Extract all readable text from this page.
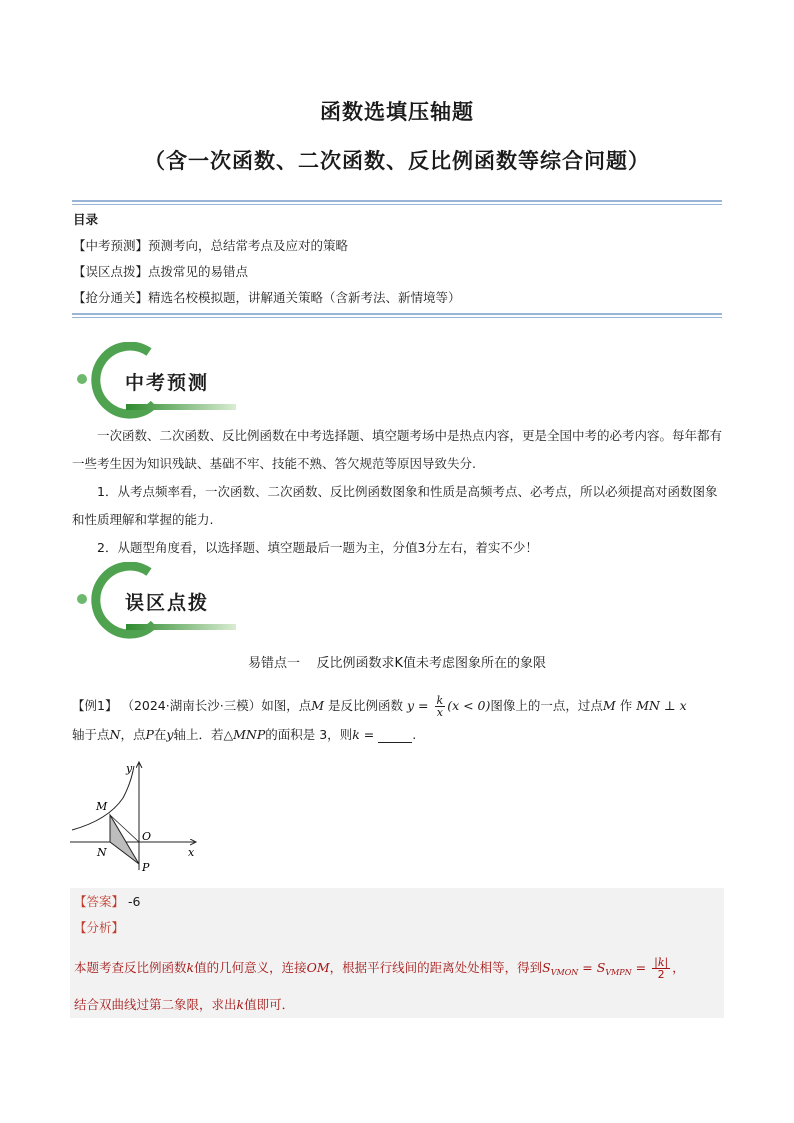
函数选填压轴题
（含一次函数、二次函数、反比例函数等综合问题）
目录
【中考预测】预测考向，总结常考点及应对的策略
【误区点拨】点拨常见的易错点
【抢分通关】精选名校模拟题，讲解通关策略（含新考法、新情境等）
中考预测

一次函数、二次函数、反比例函数在中考选择题、填空题考场中是热点内容，更是全国中考的必考内容。每年都有一些考生因为知识残缺、基础不牢、技能不熟、答欠规范等原因导致失分.

1．从考点频率看，一次函数、二次函数、反比例函数图象和性质是高频考点、必考点，所以必须提高对函数图象和性质理解和掌握的能力.

2．从题型角度看，以选择题、填空题最后一题为主，分值3分左右，着实不少！

误区点拨
易错点一    反比例函数求K值未考虑图象所在的象限
【例1】 （2024·湖南长沙·三模）如图，点M 是反比例函数 $y = \frac{k}{x} (x < 0)$图像上的一点，过点M 作 MN ⊥ x
轴于点N，点P在y轴上．若△MNP的面积是 3，则k =	.
y
x
M
O
N
P
【答案】 -6
【分析】
本题考查反比例函数k值的几何意义，连接OM，根据平行线间的距离处处相等，得到$S_{VMON} = S_{VMPN} = \frac{|k|}{2}$ ，
结合双曲线过第二象限，求出k值即可．
